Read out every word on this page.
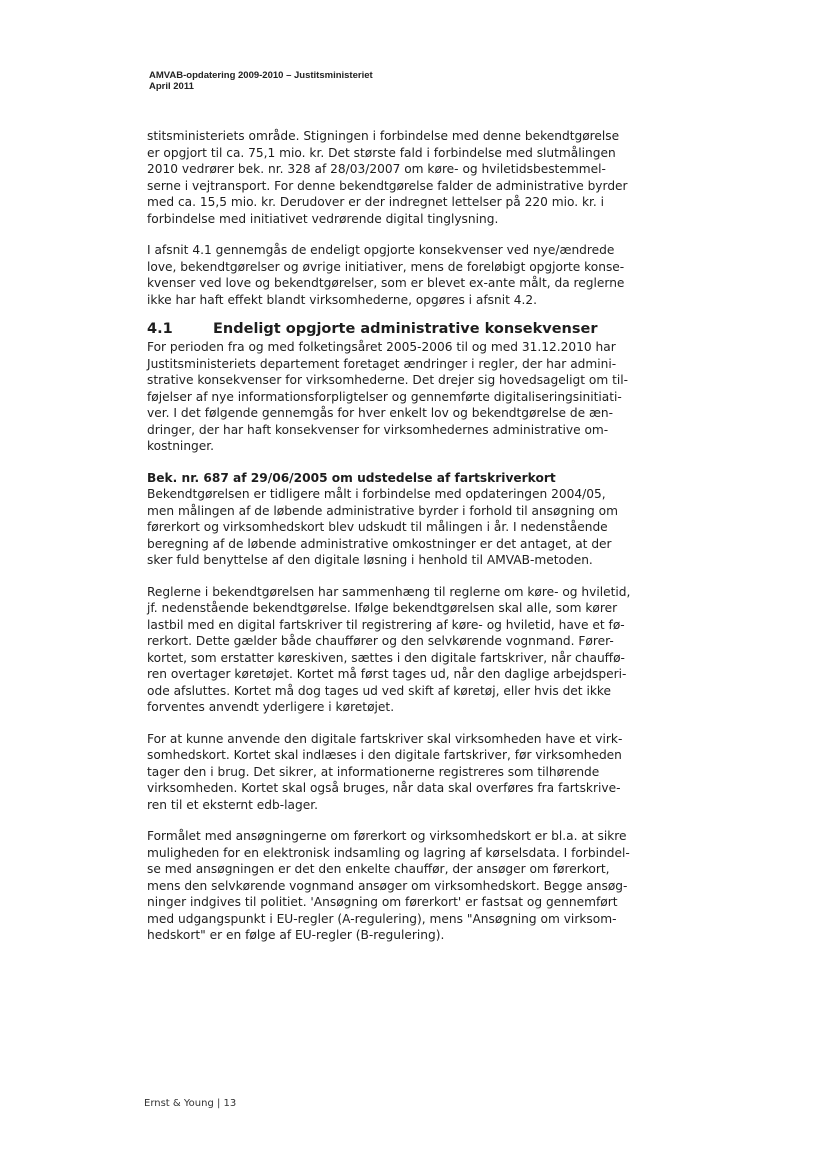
AMVAB-opdatering 2009-2010 – Justitsministeriet
April 2011
stitsministeriets område. Stigningen i forbindelse med denne bekendtgørelse
er opgjort til ca. 75,1 mio. kr. Det største fald i forbindelse med slutmålingen
2010 vedrører bek. nr. 328 af 28/03/2007 om køre- og hviletidsbestemmel-
serne i vejtransport. For denne bekendtgørelse falder de administrative byrder
med ca. 15,5 mio. kr. Derudover er der indregnet lettelser på 220 mio. kr. i
forbindelse med initiativet vedrørende digital tinglysning.
I afsnit 4.1 gennemgås de endeligt opgjorte konsekvenser ved nye/ændrede
love, bekendtgørelser og øvrige initiativer, mens de foreløbigt opgjorte konse-
kvenser ved love og bekendtgørelser, som er blevet ex-ante målt, da reglerne
ikke har haft effekt blandt virksomhederne, opgøres i afsnit 4.2.
4.1	Endeligt opgjorte administrative konsekvenser
For perioden fra og med folketingsåret 2005-2006 til og med 31.12.2010 har
Justitsministeriets departement foretaget ændringer i regler, der har admini-
strative konsekvenser for virksomhederne. Det drejer sig hovedsageligt om til-
føjelser af nye informationsforpligtelser og gennemførte digitaliseringsinitiati-
ver. I det følgende gennemgås for hver enkelt lov og bekendtgørelse de æn-
dringer, der har haft konsekvenser for virksomhedernes administrative om-
kostninger.
Bek. nr. 687 af 29/06/2005 om udstedelse af fartskriverkort
Bekendtgørelsen er tidligere målt i forbindelse med opdateringen 2004/05,
men målingen af de løbende administrative byrder i forhold til ansøgning om
førerkort og virksomhedskort blev udskudt til målingen i år. I nedenstående
beregning af de løbende administrative omkostninger er det antaget, at der
sker fuld benyttelse af den digitale løsning i henhold til AMVAB-metoden.
Reglerne i bekendtgørelsen har sammenhæng til reglerne om køre- og hviletid,
jf. nedenstående bekendtgørelse. Ifølge bekendtgørelsen skal alle, som kører
lastbil med en digital fartskriver til registrering af køre- og hviletid, have et fø-
rerkort. Dette gælder både chauffører og den selvkørende vognmand. Fører-
kortet, som erstatter køreskiven, sættes i den digitale fartskriver, når chauffø-
ren overtager køretøjet. Kortet må først tages ud, når den daglige arbejdsperi-
ode afsluttes. Kortet må dog tages ud ved skift af køretøj, eller hvis det ikke
forventes anvendt yderligere i køretøjet.
For at kunne anvende den digitale fartskriver skal virksomheden have et virk-
somhedskort. Kortet skal indlæses i den digitale fartskriver, før virksomheden
tager den i brug. Det sikrer, at informationerne registreres som tilhørende
virksomheden. Kortet skal også bruges, når data skal overføres fra fartskrive-
ren til et eksternt edb-lager.
Formålet med ansøgningerne om førerkort og virksomhedskort er bl.a. at sikre
muligheden for en elektronisk indsamling og lagring af kørselsdata. I forbindel-
se med ansøgningen er det den enkelte chauffør, der ansøger om førerkort,
mens den selvkørende vognmand ansøger om virksomhedskort. Begge ansøg-
ninger indgives til politiet. 'Ansøgning om førerkort' er fastsat og gennemført
med udgangspunkt i EU-regler (A-regulering), mens "Ansøgning om virksom-
hedskort" er en følge af EU-regler (B-regulering).
Ernst & Young | 13
